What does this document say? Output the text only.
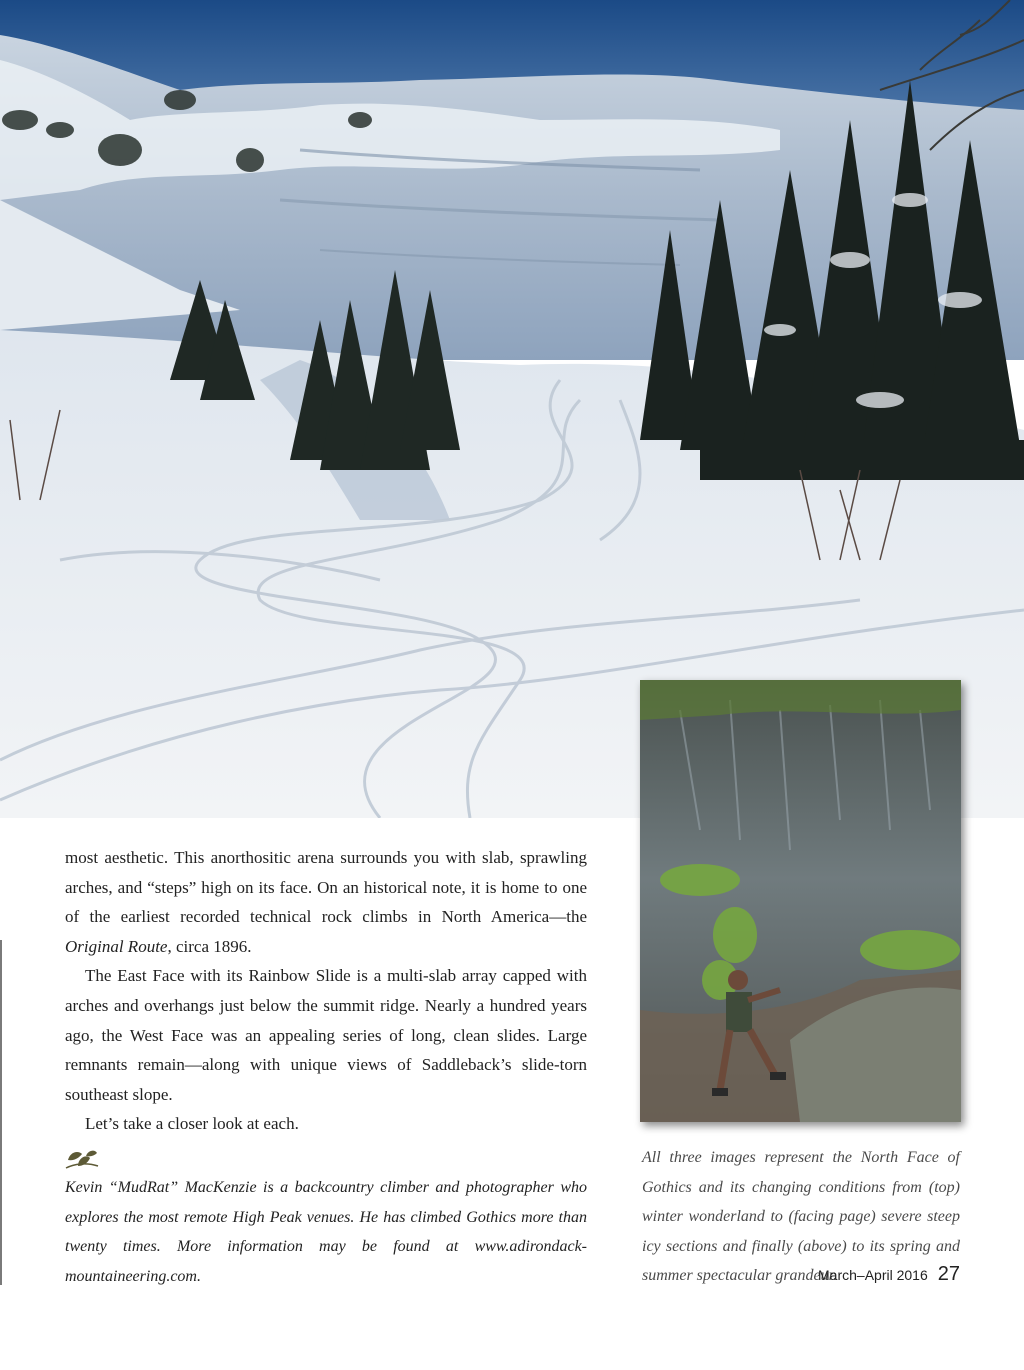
most aesthetic. This anorthositic arena surrounds you with slab, sprawling arches, and “steps” high on its face. On an historical note, it is home to one of the earliest recorded technical rock climbs in North America—the Original Route, circa 1896.

The East Face with its Rainbow Slide is a multi-slab array capped with arches and overhangs just below the summit ridge. Nearly a hundred years ago, the West Face was an appealing series of long, clean slides. Large remnants remain—along with unique views of Saddleback’s slide-torn southeast slope.

Let’s take a closer look at each.

Kevin “MudRat” MacKenzie is a backcountry climber and photographer who explores the most remote High Peak venues. He has climbed Gothics more than twenty times. More information may be found at www.adirondack-mountaineering.com.

All three images represent the North Face of Gothics and its changing conditions from (top) winter wonderland to (facing page) severe steep icy sections and finally (above) to its spring and summer spectacular grandeur.

March–April 2016 27
